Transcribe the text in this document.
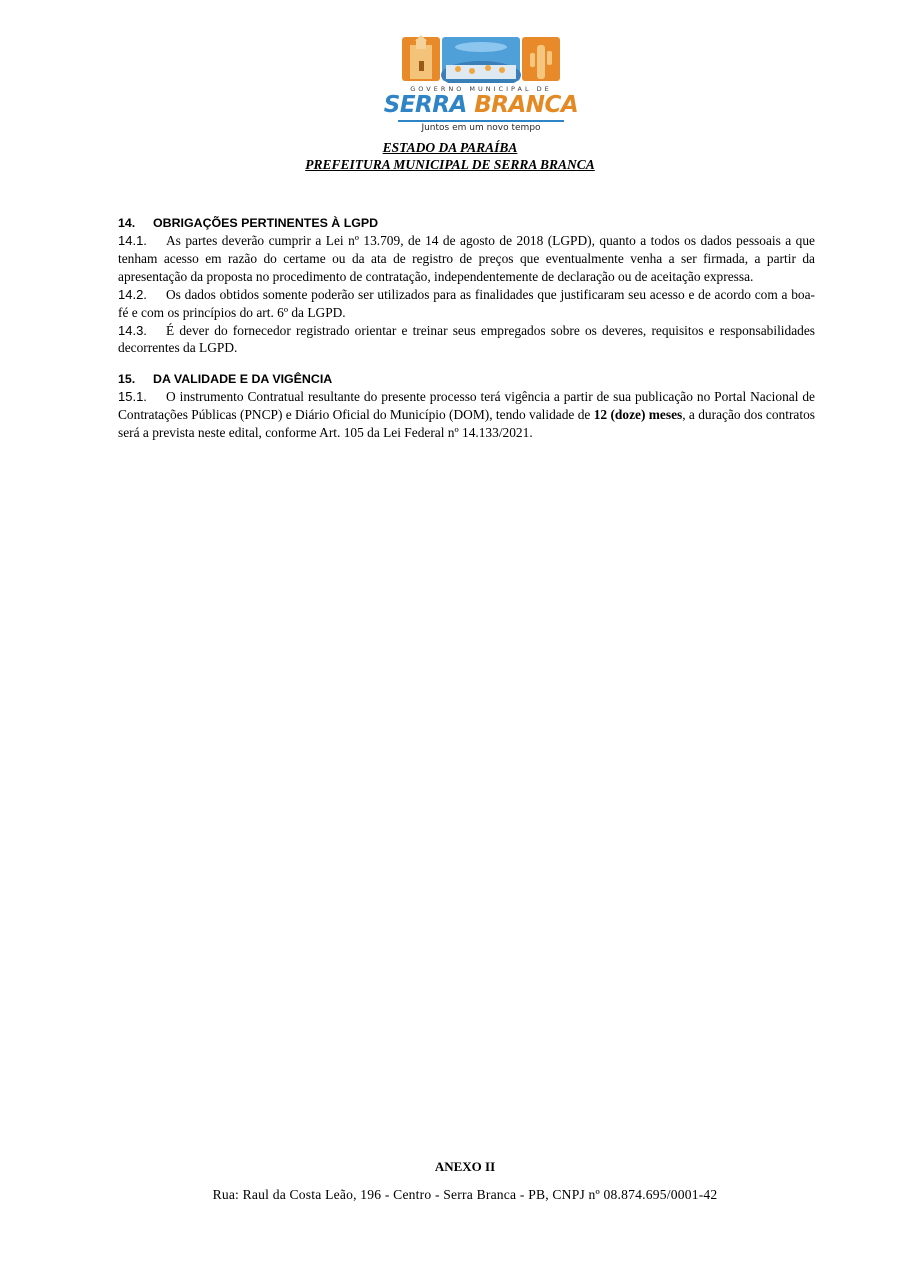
GOVERNO MUNICIPAL DE
SERRA BRANCA
Juntos em um novo tempo
ESTADO DA PARAÍBA
PREFEITURA MUNICIPAL DE SERRA BRANCA

14. OBRIGAÇÕES PERTINENTES À LGPD

14.1. As partes deverão cumprir a Lei nº 13.709, de 14 de agosto de 2018 (LGPD), quanto a todos os dados pessoais a que tenham acesso em razão do certame ou da ata de registro de preços que eventualmente venha a ser firmada, a partir da apresentação da proposta no procedimento de contratação, independentemente de declaração ou de aceitação expressa.

14.2. Os dados obtidos somente poderão ser utilizados para as finalidades que justificaram seu acesso e de acordo com a boa-fé e com os princípios do art. 6º da LGPD.

14.3. É dever do fornecedor registrado orientar e treinar seus empregados sobre os deveres, requisitos e responsabilidades decorrentes da LGPD.

15. DA VALIDADE E DA VIGÊNCIA

15.1. O instrumento Contratual resultante do presente processo terá vigência a partir de sua publicação no Portal Nacional de Contratações Públicas (PNCP) e Diário Oficial do Município (DOM), tendo validade de 12 (doze) meses, a duração dos contratos será a prevista neste edital, conforme Art. 105 da Lei Federal nº 14.133/2021.

ANEXO II
Rua: Raul da Costa Leão, 196 - Centro - Serra Branca - PB, CNPJ nº 08.874.695/0001-42
